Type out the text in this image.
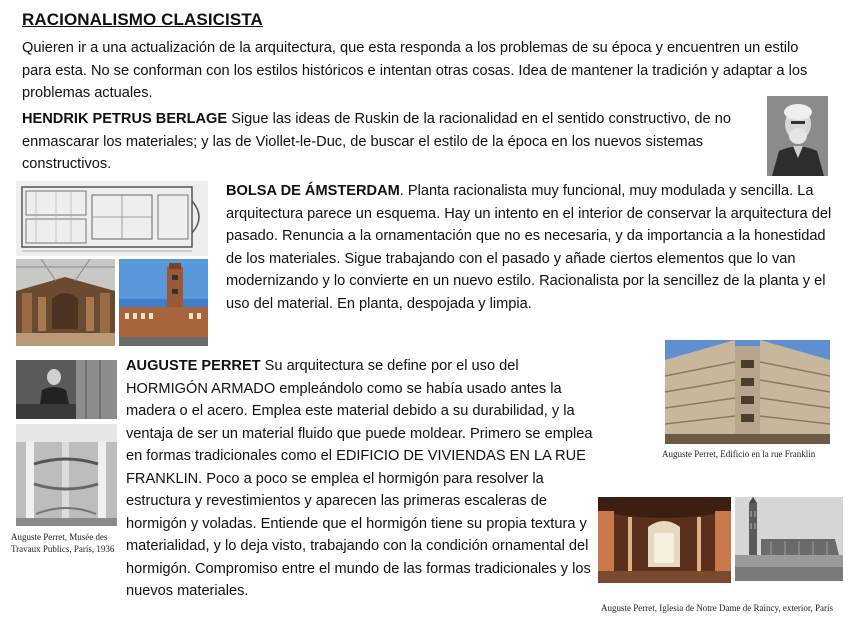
RACIONALISMO CLASICISTA

Quieren ir a una actualización de la arquitectura, que esta responda a los problemas de su época y encuentren un estilo para esta. No se conforman con los estilos históricos e intentan otras cosas. Idea de mantener la tradición y adaptar a los problemas actuales.

HENDRIK PETRUS BERLAGE Sigue las ideas de Ruskin de la racionalidad en el sentido constructivo, de no enmascarar los materiales; y las de Viollet-le-Duc, de buscar el estilo de la época en los nuevos sistemas constructivos.

BOLSA DE ÁMSTERDAM. Planta racionalista muy funcional, muy modulada y sencilla. La arquitectura parece un esquema. Hay un intento en el interior de conservar la arquitectura del pasado. Renuncia a la ornamentación que no es necesaria, y da importancia a la honestidad de los materiales. Sigue trabajando con el pasado y añade ciertos elementos que lo van modernizando y lo convierte en un nuevo estilo. Racionalista por la sencillez de la planta y el uso del material. En planta, despojada y limpia.

AUGUSTE PERRET Su arquitectura se define por el uso del HORMIGÓN ARMADO empleándolo como se había usado antes la madera o el acero. Emplea este material debido a su durabilidad, y la ventaja de ser un material fluido que puede moldear. Primero se emplea en formas tradicionales como el EDIFICIO DE VIVIENDAS EN LA RUE FRANKLIN. Poco a poco se emplea el hormigón para resolver la estructura y revestimientos y aparecen las primeras escaleras de hormigón y voladas. Entiende que el hormigón tiene su propia textura y materialidad, y lo deja visto, trabajando con la condición ornamental del hormigón. Compromiso entre el mundo de las formas tradicionales y los nuevos materiales.

Auguste Perret, Musée des Travaux Publics, París, 1936
Auguste Perret, Edificio en la rue Franklin
Auguste Perret, Iglesia de Notre Dame de Raincy, exterior, París
